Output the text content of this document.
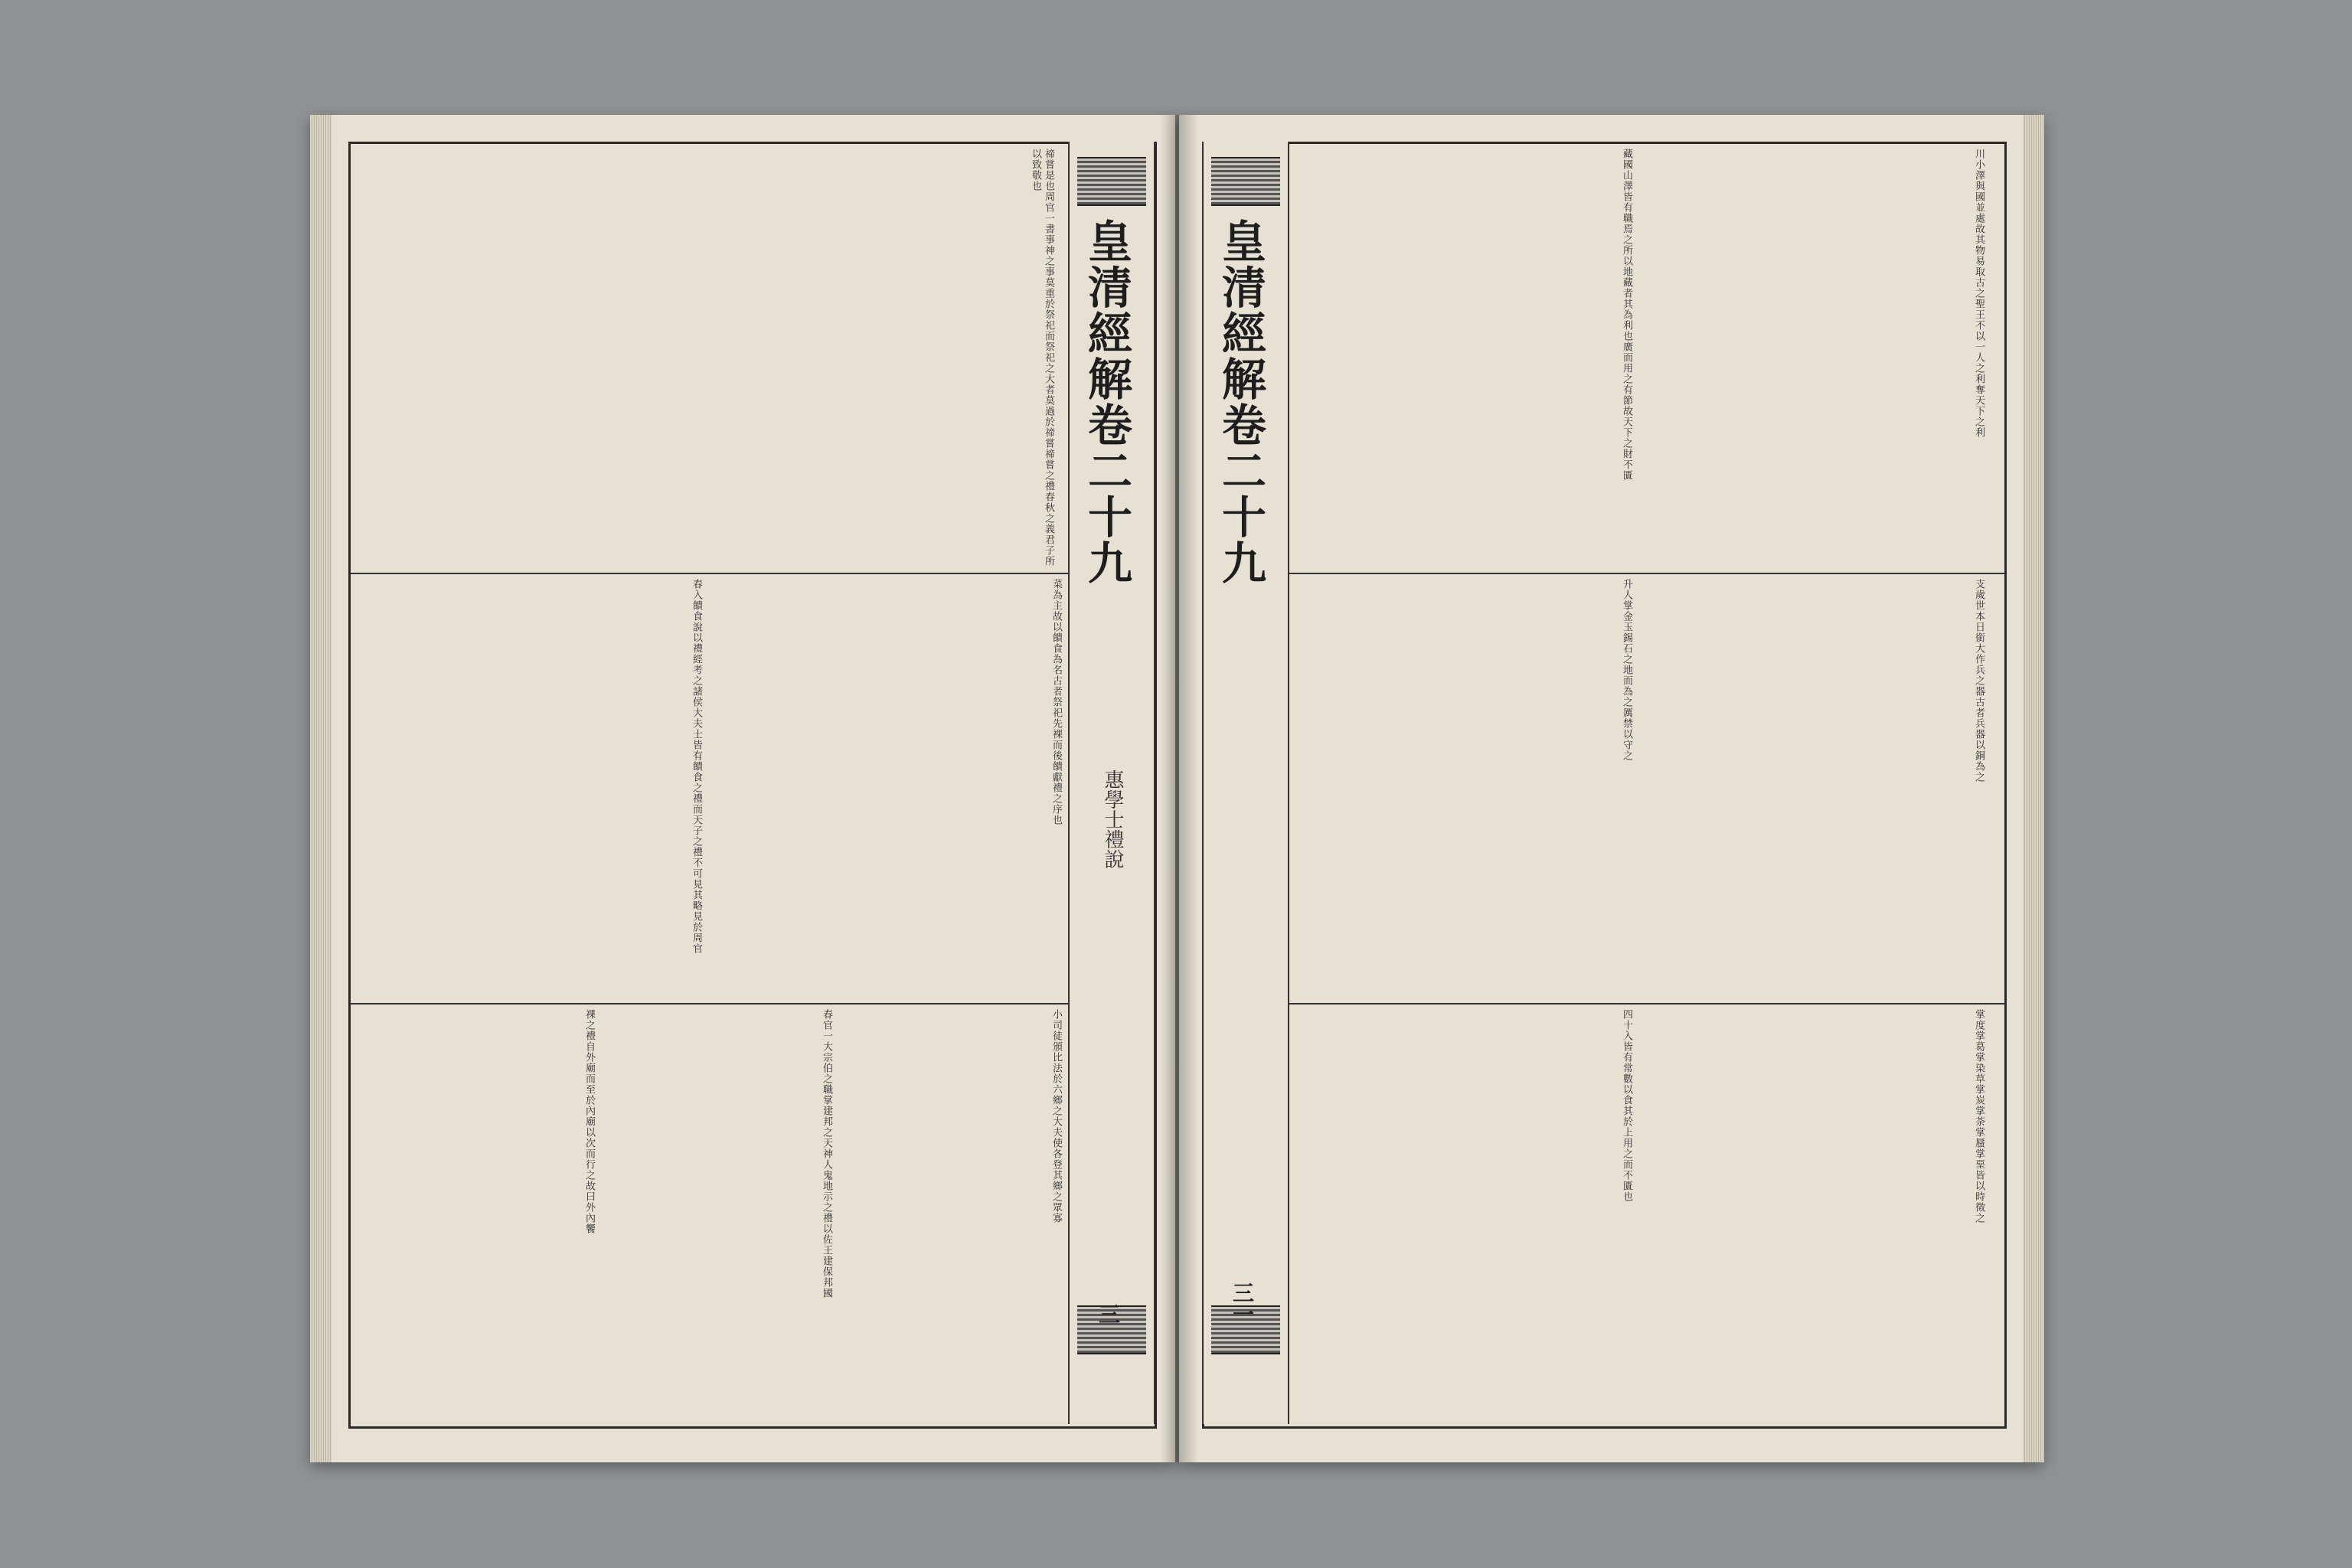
禘嘗是也周官一書事神之事莫重於祭祀而祭祀之大者莫過於禘嘗禘嘗之禮春秋之義君子所以致敬也
春入饋食說以禮經考之諸侯大夫士皆有饋食之禮而天子之禮不可見其略見於周官	菜為主故以饋食為名古者祭祀先裸而後饋獻禮之序也
祼之禮自外廟而至於內廟以次而行之故曰外內饗	春官一大宗伯之職掌建邦之天神人鬼地示之禮以佐王建保邦國	小司徒頒比法於六鄉之大夫使各登其鄉之眾寡
皇清經解卷二十九
惠學士禮說
三
藏國山澤皆有職焉之所以地藏者其為利也廣而用之有節故天下之財不匱	川小澤與國並處故其物易取古之聖王不以一人之利奪天下之利
升人掌金玉錫石之地而為之厲禁以守之	支歲世本日銜大作兵之器古者兵器以銅為之
四十入皆有常數以食其於上用之而不匱也	掌度掌葛掌染草掌炭掌荼掌蜃掌堊皆以時徵之
皇清經解卷二十九
三一
